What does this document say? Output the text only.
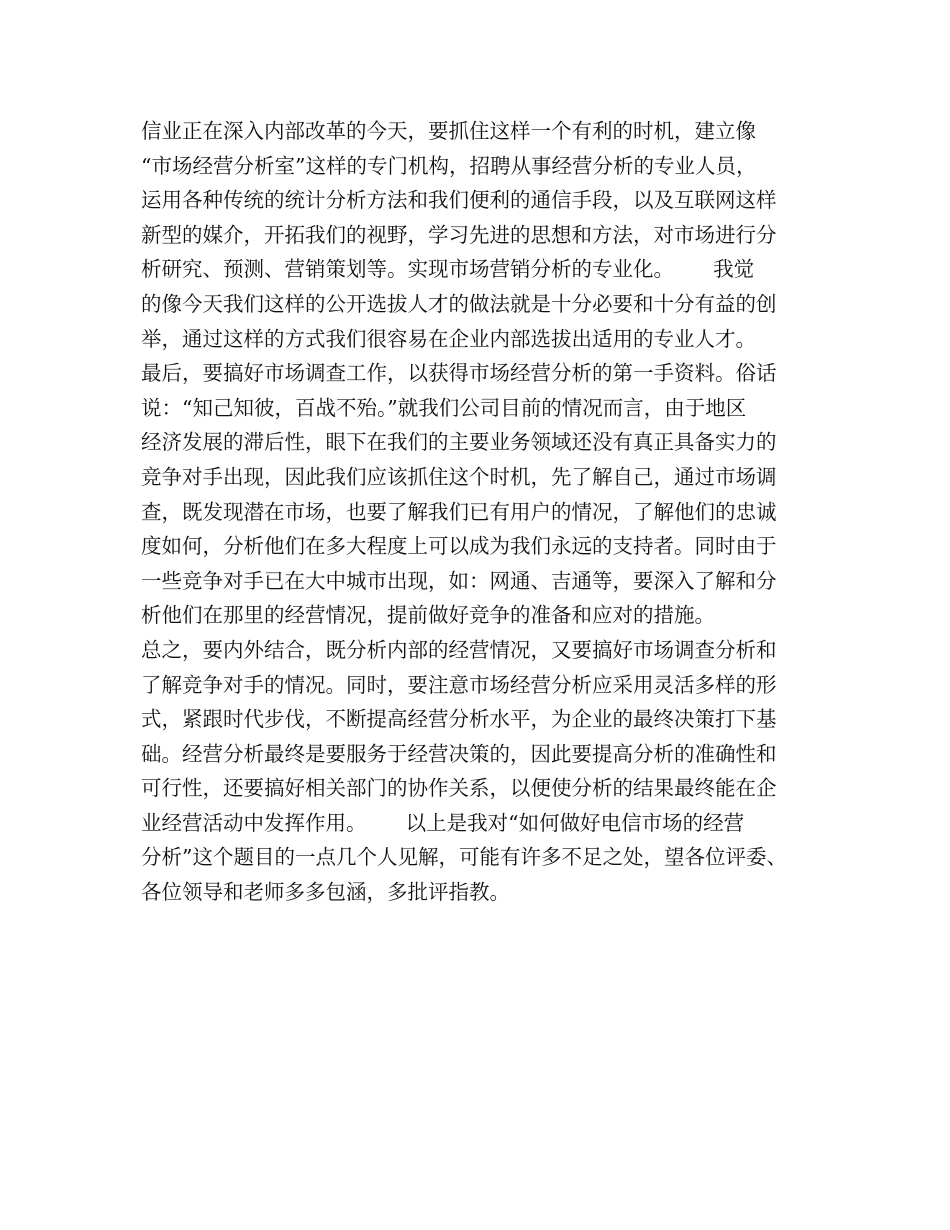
信业正在深入内部改革的今天，要抓住这样一个有利的时机，建立像
“市场经营分析室”这样的专门机构，招聘从事经营分析的专业人员，
运用各种传统的统计分析方法和我们便利的通信手段，以及互联网这样
新型的媒介，开拓我们的视野，学习先进的思想和方法，对市场进行分
析研究、预测、营销策划等。实现市场营销分析的专业化。      我觉
的像今天我们这样的公开选拔人才的做法就是十分必要和十分有益的创
举，通过这样的方式我们很容易在企业内部选拔出适用的专业人才。
最后，要搞好市场调查工作，以获得市场经营分析的第一手资料。俗话
说：“知己知彼，百战不殆。”就我们公司目前的情况而言，由于地区
经济发展的滞后性，眼下在我们的主要业务领域还没有真正具备实力的
竞争对手出现，因此我们应该抓住这个时机，先了解自己，通过市场调
查，既发现潜在市场，也要了解我们已有用户的情况，了解他们的忠诚
度如何，分析他们在多大程度上可以成为我们永远的支持者。同时由于
一些竞争对手已在大中城市出现，如：网通、吉通等，要深入了解和分
析他们在那里的经营情况，提前做好竞争的准备和应对的措施。
总之，要内外结合，既分析内部的经营情况，又要搞好市场调查分析和
了解竞争对手的情况。同时，要注意市场经营分析应采用灵活多样的形
式，紧跟时代步伐，不断提高经营分析水平，为企业的最终决策打下基
础。经营分析最终是要服务于经营决策的，因此要提高分析的准确性和
可行性，还要搞好相关部门的协作关系，以便使分析的结果最终能在企
业经营活动中发挥作用。      以上是我对“如何做好电信市场的经营
分析”这个题目的一点几个人见解，可能有许多不足之处，望各位评委、
各位领导和老师多多包涵，多批评指教。
